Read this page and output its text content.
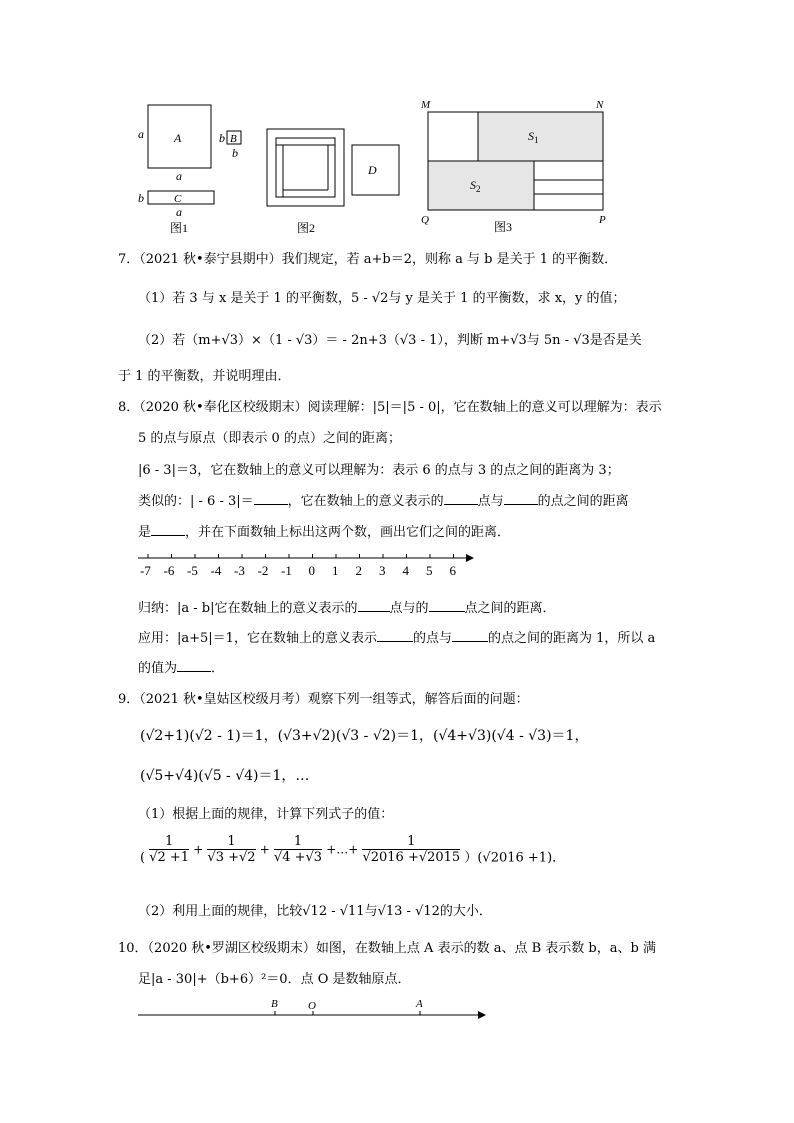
a	A
a
b B
b
b	C
a
图1
D
图2
M	N
Q	P
$S_1$
$S_2$
图3
7．（2021 秋•泰宁县期中）我们规定，若 a+b＝2，则称 a 与 b 是关于 1 的平衡数．
（1）若 3 与 x 是关于 1 的平衡数，5 - √2与 y 是关于 1 的平衡数，求 x，y 的值；
（2）若（m+√3）×（1 - √3）＝ - 2n+3（√3 - 1），判断 m+√3与 5n - √3是否是关
于 1 的平衡数，并说明理由．
8．（2020 秋•奉化区校级期末）阅读理解：|5|＝|5 - 0|，它在数轴上的意义可以理解为：表示
5 的点与原点（即表示 0 的点）之间的距离；
|6 - 3|＝3，它在数轴上的意义可以理解为：表示 6 的点与 3 的点之间的距离为 3；
类似的：| - 6 - 3|＝	，它在数轴上的意义表示的	点与	的点之间的距离
是	，并在下面数轴上标出这两个数，画出它们之间的距离．
-7 -6 -5 -4 -3 -2 -1 0 1 2 3 4 5 6
归纳：|a - b|它在数轴上的意义表示的 点与的	点之间的距离．
应用：|a+5|＝1，它在数轴上的意义表示	的点与	的点之间的距离为 1，所以 a
的值为	．
9．（2021 秋•皇姑区校级月考）观察下列一组等式，解答后面的问题：
(√2+1)(√2 - 1)＝1，(√3+√2)(√3 - √2)＝1，(√4+√3)(√4 - √3)＝1，
(√5+√4)(√5 - √4)＝1，…
（1）根据上面的规律，计算下列式子的值：
( $\frac{1}{√2 +1} + \frac{1}{√3 +√2} + \frac{1}{√4 +√3}$ +…+ $\frac{1}{√2016 +√2015} )(√2016 +1)$．
（2）利用上面的规律，比较√12 - √11与√13 - √12的大小．
10．（2020 秋•罗湖区校级期末）如图，在数轴上点 A 表示的数 a、点 B 表示数 b，a、b 满
足|a - 30|+（b+6）²＝0．点 O 是数轴原点．
B	O	A
